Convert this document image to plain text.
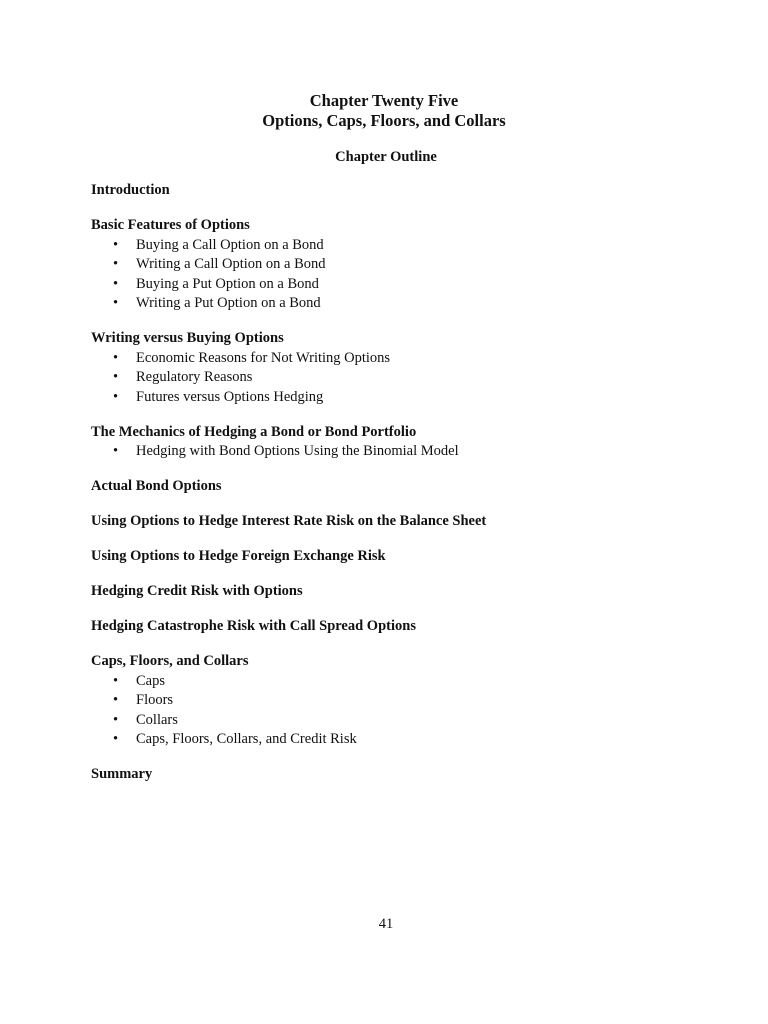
Chapter Twenty Five
Options, Caps, Floors, and Collars
Chapter Outline
Introduction
Basic Features of Options
• Buying a Call Option on a Bond
• Writing a Call Option on a Bond
• Buying a Put Option on a Bond
• Writing a Put Option on a Bond
Writing versus Buying Options
• Economic Reasons for Not Writing Options
• Regulatory Reasons
• Futures versus Options Hedging
The Mechanics of Hedging a Bond or Bond Portfolio
• Hedging with Bond Options Using the Binomial Model
Actual Bond Options
Using Options to Hedge Interest Rate Risk on the Balance Sheet
Using Options to Hedge Foreign Exchange Risk
Hedging Credit Risk with Options
Hedging Catastrophe Risk with Call Spread Options
Caps, Floors, and Collars
• Caps
• Floors
• Collars
• Caps, Floors, Collars, and Credit Risk
Summary
41
